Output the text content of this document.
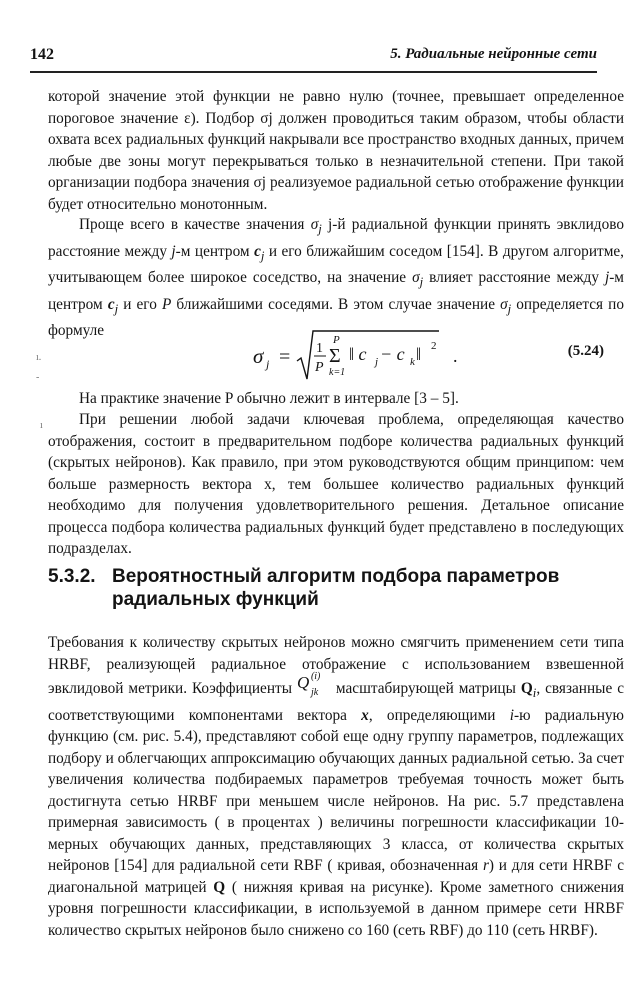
142	5. Радиальные нейронные сети

которой значение этой функции не равно нулю (точнее, превышает определенное пороговое значение ε). Подбор σj должен проводиться таким образом, чтобы области охвата всех радиальных функций накрывали все пространство входных данных, причем любые две зоны могут перекрываться только в незначительной степени. При такой организации подбора значения σj реализуемое радиальной сетью отображение функции будет относительно монотонным.

Проще всего в качестве значения $\sigma_j$ j-й радиальной функции принять эвклидово расстояние между j-м центром $c_j$ и его ближайшим соседом [154]. В другом алгоритме, учитывающем более широкое соседство, на значение $\sigma_j$ влияет расстояние между j-м центром $c_j$ и его P ближайшими соседями. В этом случае значение $\sigma_j$ определяется по формуле

σ j = 1
P
P
Σ
k=1
‖ c j − c k ‖ 2 .	(5.24)
ı.
-
ı

На практике значение P обычно лежит в интервале [3 – 5].

При решении любой задачи ключевая проблема, определяющая качество отображения, состоит в предварительном подборе количества радиальных функций (скрытых нейронов). Как правило, при этом руководствуются общим принципом: чем больше размерность вектора x, тем большее количество радиальных функций необходимо для получения удовлетворительного решения. Детальное описание процесса подбора количества радиальных функций будет представлено в последующих подразделах.

5.3.2. Вероятностный алгоритм подбора параметров
радиальных функций

Требования к количеству скрытых нейронов можно смягчить применением сети типа HRBF, реализующей радиальное отображение с использованием взвешенной эвклидовой метрики. Коэффициенты Q (i)
jk масштабирующей матрицы $Q_i$, связанные с соответствующими компонентами вектора x, определяющими i-ю радиальную функцию (см. рис. 5.4), представляют собой еще одну группу параметров, подлежащих подбору и облегчающих аппроксимацию обучающих данных радиальной сетью. За счет увеличения количества подбираемых параметров требуемая точность может быть достигнута сетью HRBF при меньшем числе нейронов. На рис. 5.7 представлена примерная зависимость ( в процентах ) величины погрешности классификации 10-мерных обучающих данных, представляющих 3 класса, от количества скрытых нейронов [154] для радиальной сети RBF ( кривая, обозначенная r) и для сети HRBF с диагональной матрицей Q ( нижняя кривая на рисунке). Кроме заметного снижения уровня погрешности классификации, в используемой в данном примере сети HRBF количество скрытых нейронов было снижено со 160 (сеть RBF) до 110 (сеть HRBF).
